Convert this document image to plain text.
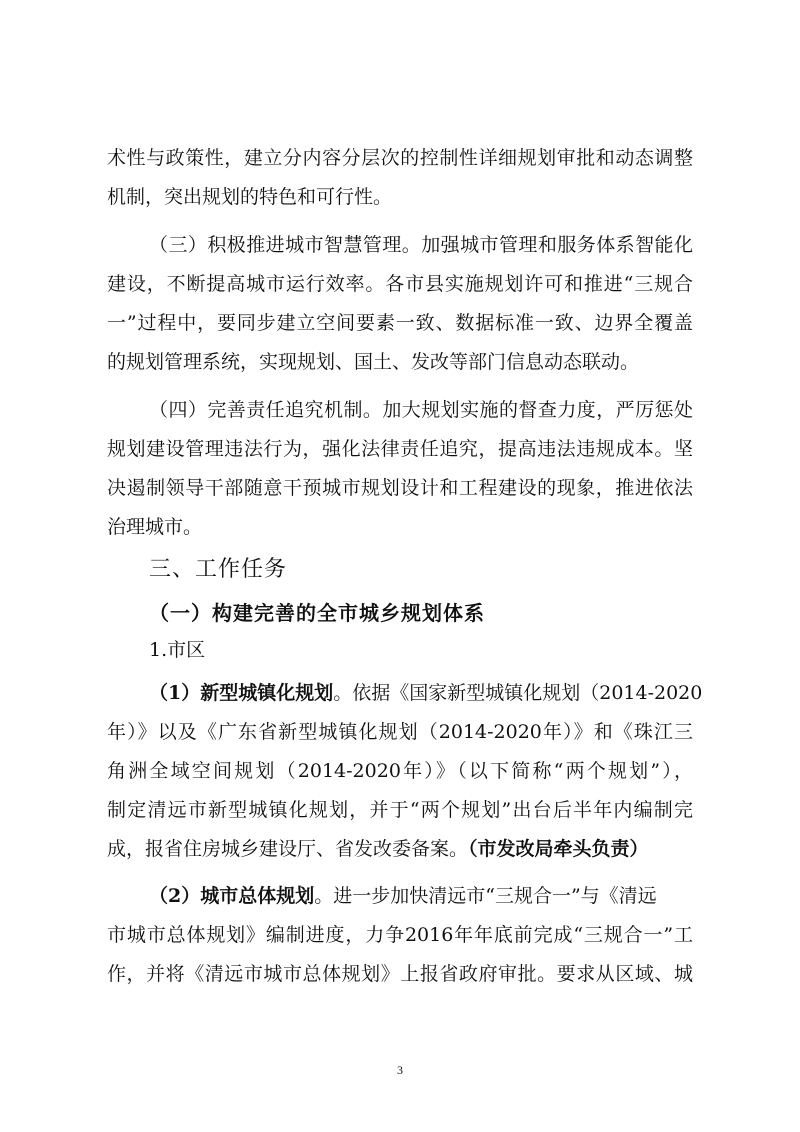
术性与政策性，建立分内容分层次的控制性详细规划审批和动态调整
机制，突出规划的特色和可行性。
（三）积极推进城市智慧管理。加强城市管理和服务体系智能化
建设，不断提高城市运行效率。各市县实施规划许可和推进“三规合
一”过程中，要同步建立空间要素一致、数据标准一致、边界全覆盖
的规划管理系统，实现规划、国土、发改等部门信息动态联动。
（四）完善责任追究机制。加大规划实施的督查力度，严厉惩处
规划建设管理违法行为，强化法律责任追究，提高违法违规成本。坚
决遏制领导干部随意干预城市规划设计和工程建设的现象，推进依法
治理城市。
三、工作任务
（一）构建完善的全市城乡规划体系
1.市区
（1）新型城镇化规划。依据《国家新型城镇化规划（2014-2020
年）》以及《广东省新型城镇化规划（2014-2020年）》和《珠江三
角洲全域空间规划（2014-2020年）》（以下简称“两个规划”），
制定清远市新型城镇化规划，并于“两个规划”出台后半年内编制完
成，报省住房城乡建设厅、省发改委备案。（市发改局牵头负责）
（2）城市总体规划。进一步加快清远市“三规合一”与《清远
市城市总体规划》编制进度，力争2016年年底前完成“三规合一”工
作，并将《清远市城市总体规划》上报省政府审批。要求从区域、城
3
